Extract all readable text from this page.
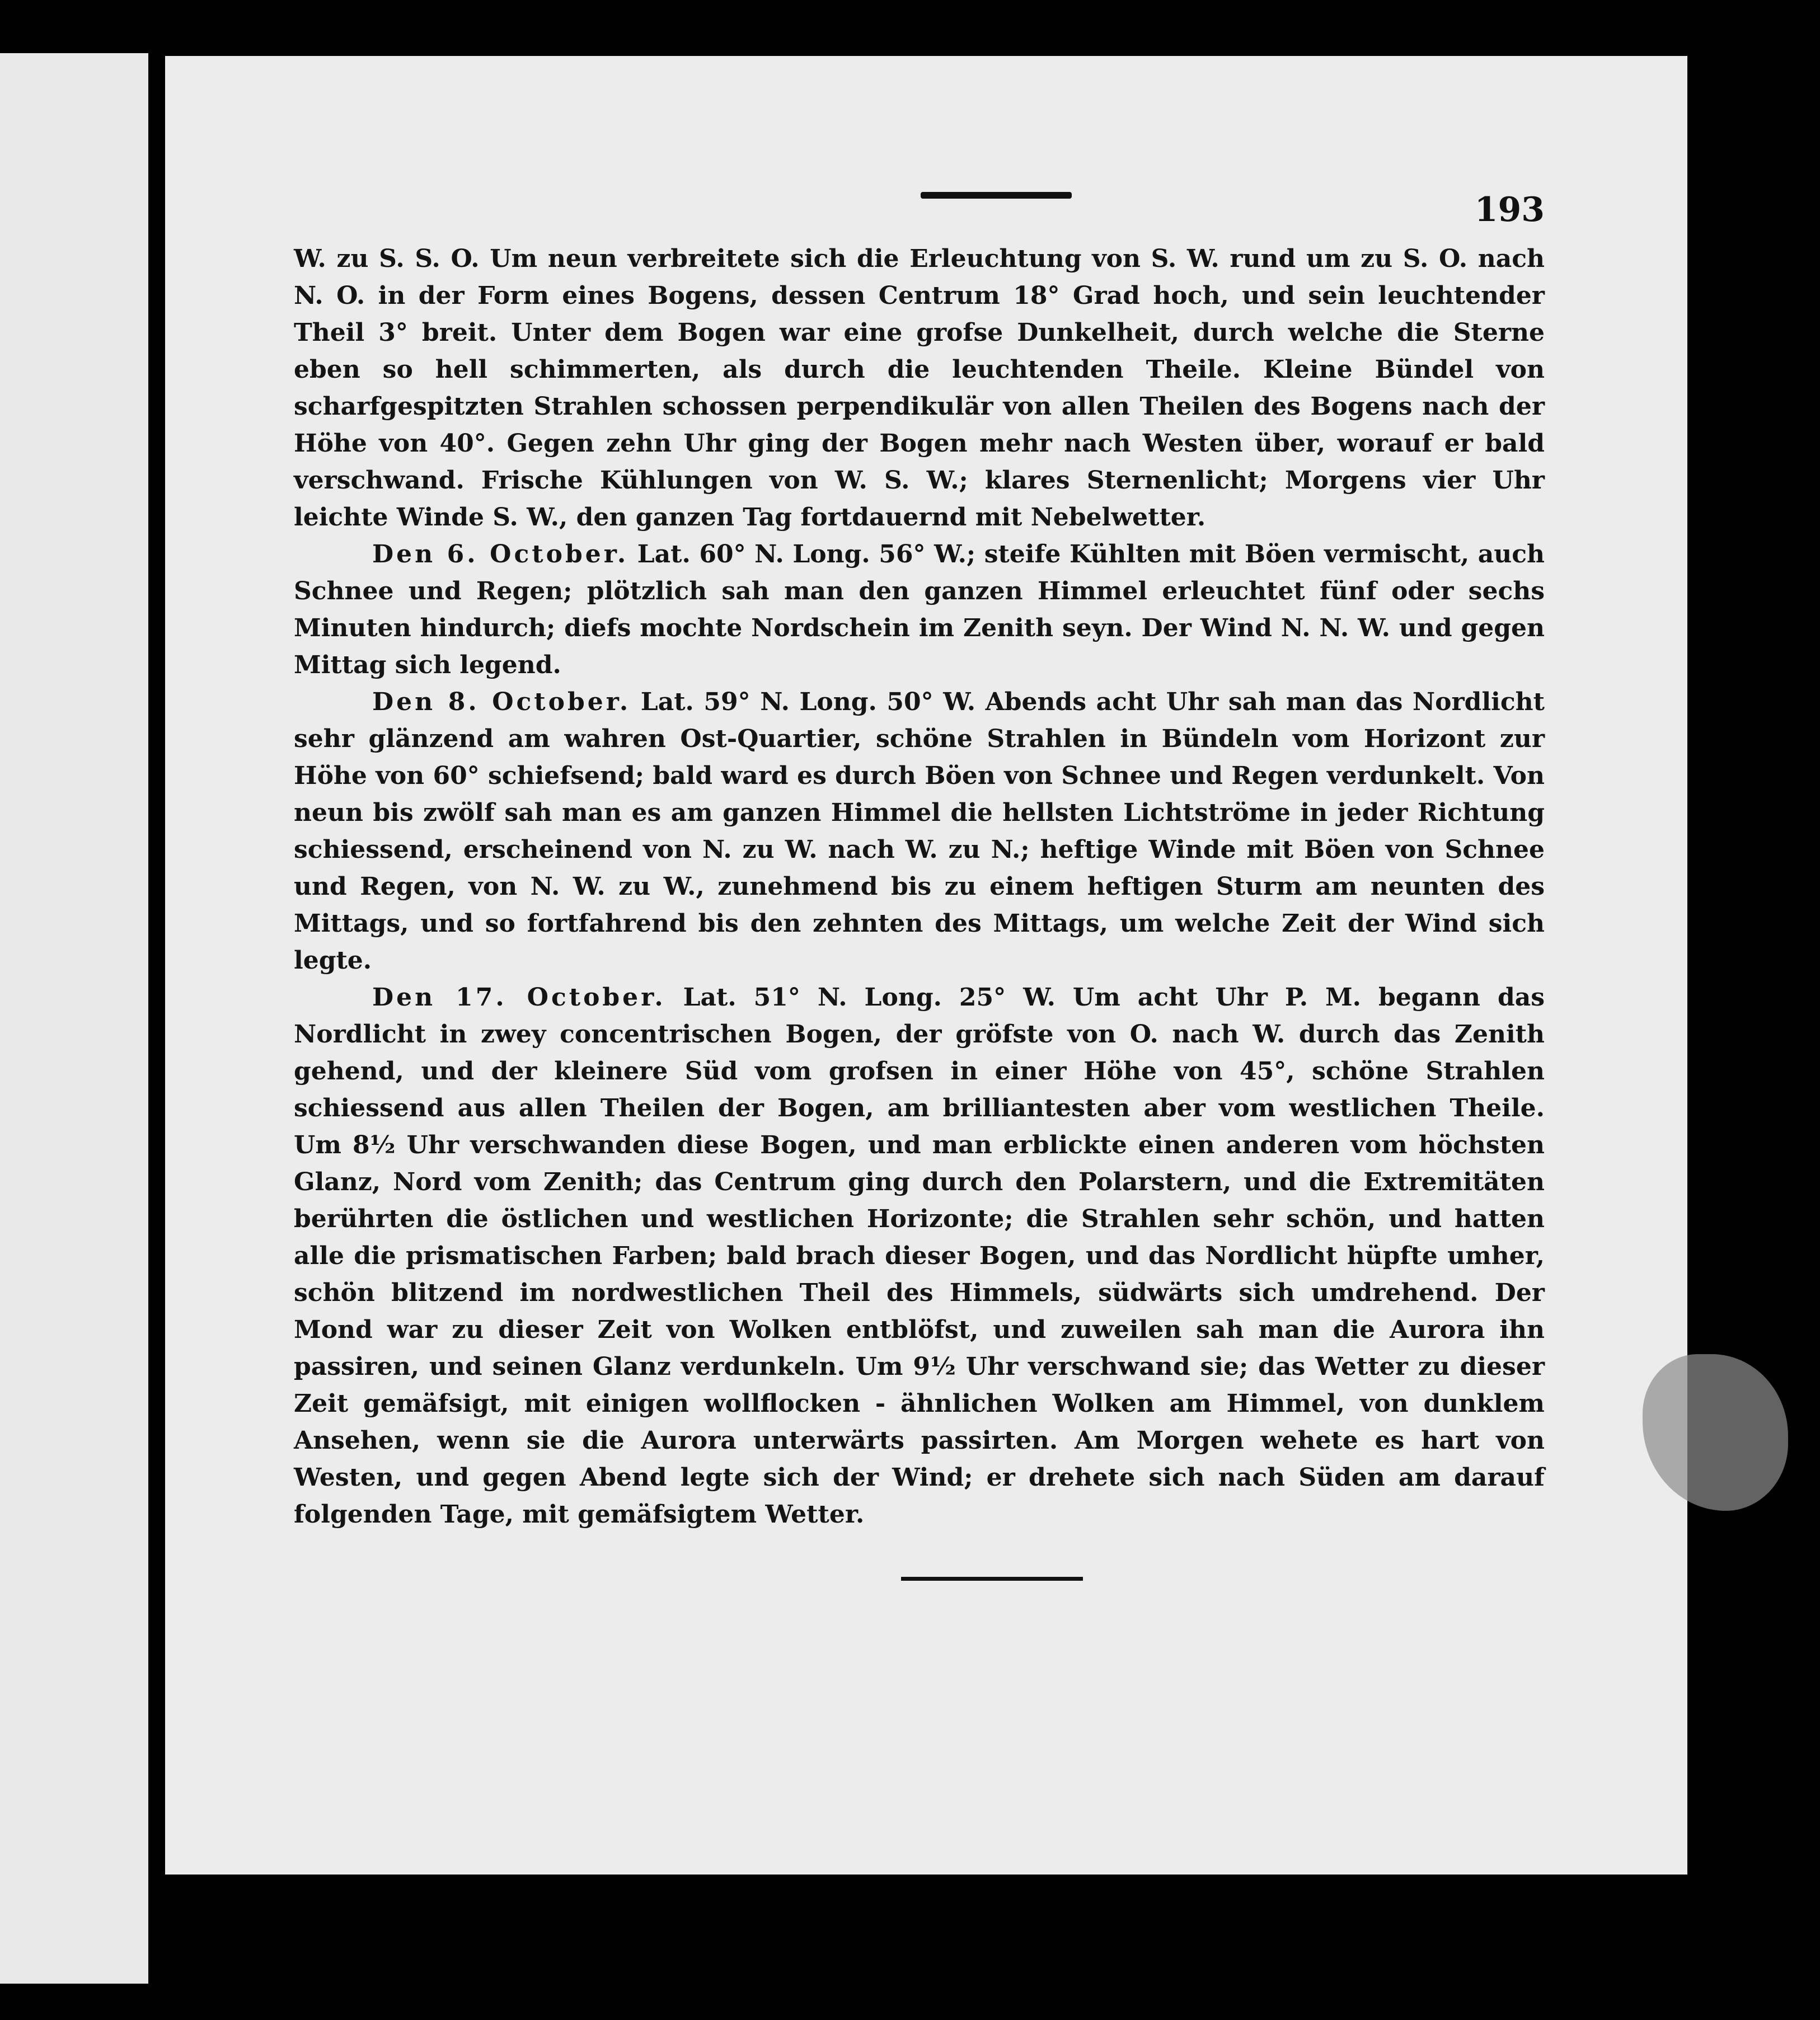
193

W. zu S. S. O. Um neun verbreitete sich die Erleuchtung von S. W. rund um zu S. O. nach N. O. in der Form eines Bogens, dessen Centrum 18° Grad hoch, und sein leuchtender Theil 3° breit. Unter dem Bogen war eine grofse Dunkelheit, durch welche die Sterne eben so hell schimmerten, als durch die leuchtenden Theile. Kleine Bündel von scharfgespitzten Strahlen schossen perpendikulär von allen Theilen des Bogens nach der Höhe von 40°. Gegen zehn Uhr ging der Bogen mehr nach Westen über, worauf er bald verschwand. Frische Kühlungen von W. S. W.; klares Sternenlicht; Morgens vier Uhr leichte Winde S. W., den ganzen Tag fortdauernd mit Nebelwetter.

Den 6. October. Lat. 60° N. Long. 56° W.; steife Kühlten mit Böen vermischt, auch Schnee und Regen; plötzlich sah man den ganzen Himmel erleuchtet fünf oder sechs Minuten hindurch; diefs mochte Nordschein im Zenith seyn. Der Wind N. N. W. und gegen Mittag sich legend.

Den 8. October. Lat. 59° N. Long. 50° W. Abends acht Uhr sah man das Nordlicht sehr glänzend am wahren Ost-Quartier, schöne Strahlen in Bündeln vom Horizont zur Höhe von 60° schiefsend; bald ward es durch Böen von Schnee und Regen verdunkelt. Von neun bis zwölf sah man es am ganzen Himmel die hellsten Lichtströme in jeder Richtung schiessend, erscheinend von N. zu W. nach W. zu N.; heftige Winde mit Böen von Schnee und Regen, von N. W. zu W., zunehmend bis zu einem heftigen Sturm am neunten des Mittags, und so fortfahrend bis den zehnten des Mittags, um welche Zeit der Wind sich legte.

Den 17. October. Lat. 51° N. Long. 25° W. Um acht Uhr P. M. begann das Nordlicht in zwey concentrischen Bogen, der gröfste von O. nach W. durch das Zenith gehend, und der kleinere Süd vom grofsen in einer Höhe von 45°, schöne Strahlen schiessend aus allen Theilen der Bogen, am brilliantesten aber vom westlichen Theile. Um 8½ Uhr verschwanden diese Bogen, und man erblickte einen anderen vom höchsten Glanz, Nord vom Zenith; das Centrum ging durch den Polarstern, und die Extremitäten berührten die östlichen und westlichen Horizonte; die Strahlen sehr schön, und hatten alle die prismatischen Farben; bald brach dieser Bogen, und das Nordlicht hüpfte umher, schön blitzend im nordwestlichen Theil des Himmels, südwärts sich umdrehend. Der Mond war zu dieser Zeit von Wolken entblöfst, und zuweilen sah man die Aurora ihn passiren, und seinen Glanz verdunkeln. Um 9½ Uhr verschwand sie; das Wetter zu dieser Zeit gemäfsigt, mit einigen wollflocken - ähnlichen Wolken am Himmel, von dunklem Ansehen, wenn sie die Aurora unterwärts passirten. Am Morgen wehete es hart von Westen, und gegen Abend legte sich der Wind; er drehete sich nach Süden am darauf folgenden Tage, mit gemäfsigtem Wetter.
